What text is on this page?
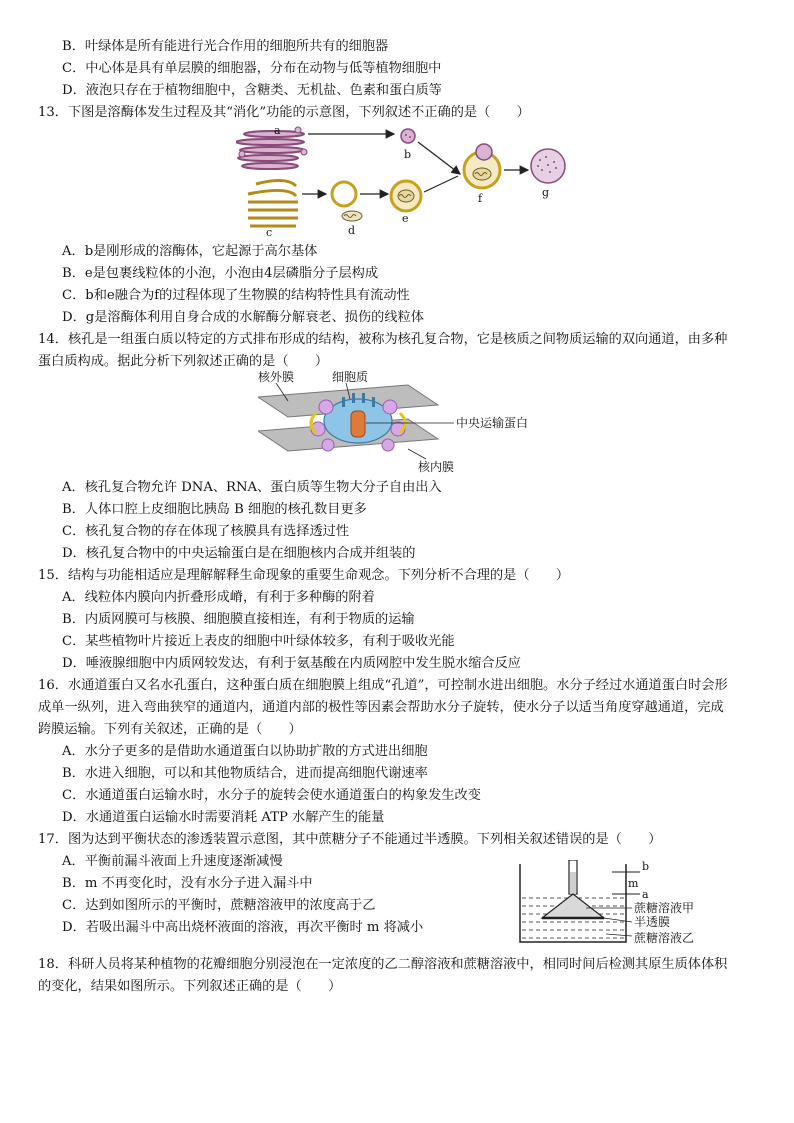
B．叶绿体是所有能进行光合作用的细胞所共有的细胞器
C．中心体是具有单层膜的细胞器，分布在动物与低等植物细胞中
D．液泡只存在于植物细胞中，含糖类、无机盐、色素和蛋白质等
13．下图是溶酶体发生过程及其“消化”功能的示意图，下列叙述不正确的是（　　）
a
b
c	d
e
f	g
A．b是刚形成的溶酶体，它起源于高尔基体
B．e是包裹线粒体的小泡，小泡由4层磷脂分子层构成
C．b和e融合为f的过程体现了生物膜的结构特性具有流动性
D．g是溶酶体利用自身合成的水解酶分解衰老、损伤的线粒体
14．核孔是一组蛋白质以特定的方式排布形成的结构，被称为核孔复合物，它是核质之间物质运输的双向通道，由多种
蛋白质构成。据此分析下列叙述正确的是（　　）
核外膜	细胞质
中央运输蛋白
核内膜
A．核孔复合物允许 DNA、RNA、蛋白质等生物大分子自由出入
B．人体口腔上皮细胞比胰岛 B 细胞的核孔数目更多
C．核孔复合物的存在体现了核膜具有选择透过性
D．核孔复合物中的中央运输蛋白是在细胞核内合成并组装的
15．结构与功能相适应是理解解释生命现象的重要生命观念。下列分析不合理的是（　　）
A．线粒体内膜向内折叠形成嵴，有利于多种酶的附着
B．内质网膜可与核膜、细胞膜直接相连，有利于物质的运输
C．某些植物叶片接近上表皮的细胞中叶绿体较多，有利于吸收光能
D．唾液腺细胞中内质网较发达，有利于氨基酸在内质网腔中发生脱水缩合反应
16．水通道蛋白又名水孔蛋白，这种蛋白质在细胞膜上组成“孔道”，可控制水进出细胞。水分子经过水通道蛋白时会形
成单一纵列，进入弯曲狭窄的通道内，通道内部的极性等因素会帮助水分子旋转，使水分子以适当角度穿越通道，完成
跨膜运输。下列有关叙述，正确的是（　　）
A．水分子更多的是借助水通道蛋白以协助扩散的方式进出细胞
B．水进入细胞，可以和其他物质结合，进而提高细胞代谢速率
C．水通道蛋白运输水时，水分子的旋转会使水通道蛋白的构象发生改变
D．水通道蛋白运输水时需要消耗 ATP 水解产生的能量
17．图为达到平衡状态的渗透装置示意图，其中蔗糖分子不能通过半透膜。下列相关叙述错误的是（　　）
A．平衡前漏斗液面上升速度逐渐减慢
B．m 不再变化时，没有水分子进入漏斗中
C．达到如图所示的平衡时，蔗糖溶液甲的浓度高于乙
D．若吸出漏斗中高出烧杯液面的溶液，再次平衡时 m 将减小
b
m
a
蔗糖溶液甲
半透膜
蔗糖溶液乙
18．科研人员将某种植物的花瓣细胞分别浸泡在一定浓度的乙二醇溶液和蔗糖溶液中，相同时间后检测其原生质体体积
的变化，结果如图所示。下列叙述正确的是（　　）
